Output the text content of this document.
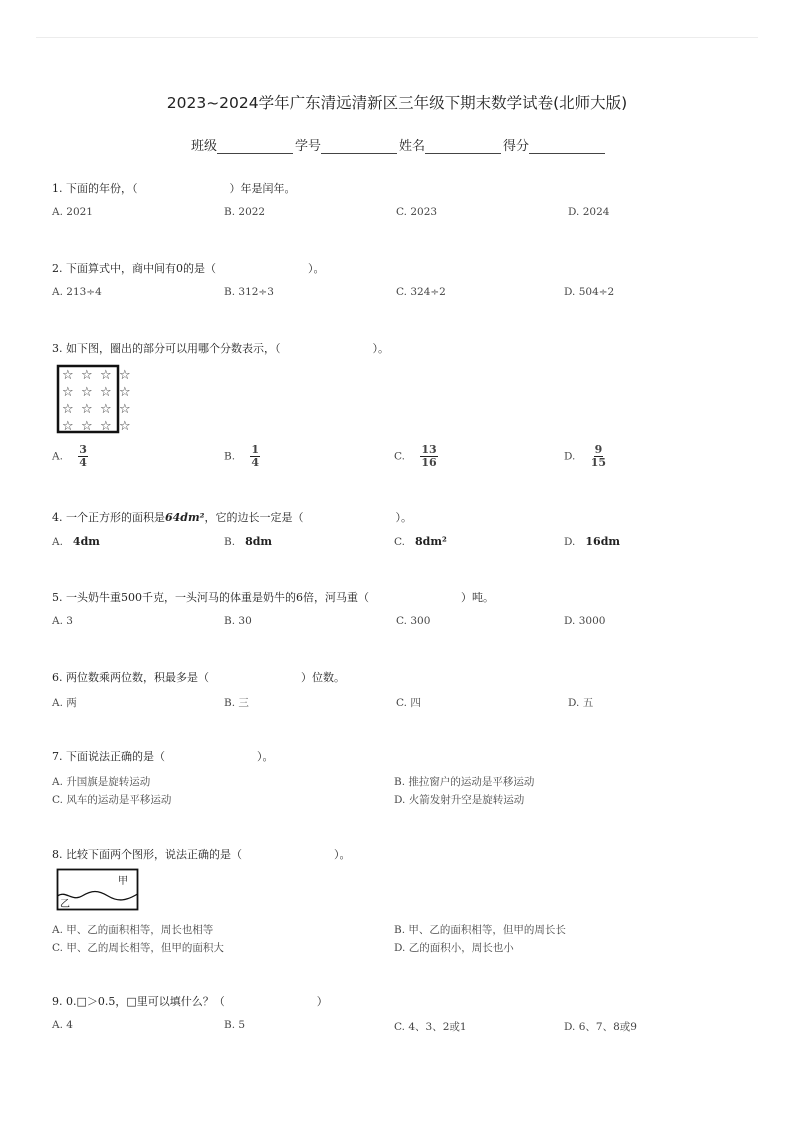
2023~2024学年广东清远清新区三年级下期末数学试卷(北师大版)
班级	学号	姓名	得分
1. 下面的年份，（	）年是闰年。
A. 2021	B. 2022	C. 2023	D. 2024
2. 下面算式中，商中间有0的是（	）。
A. 213÷4	B. 312÷3	C. 324÷2	D. 504÷2
3. 如下图，圈出的部分可以用哪个分数表示，（	）。
☆ ☆ ☆ ☆
☆ ☆ ☆ ☆
☆ ☆ ☆ ☆
☆ ☆ ☆ ☆
A. $\frac{3}{4}$	B. $\frac{1}{4}$	C. $\frac{13}{16}$	D. $\frac{9}{15}$
4. 一个正方形的面积是64dm²，它的边长一定是（	）。
A. 4dm	B. 8dm	C. 8dm²	D. 16dm
5. 一头奶牛重500千克，一头河马的体重是奶牛的6倍，河马重（	）吨。
A. 3	B. 30	C. 300	D. 3000
6. 两位数乘两位数，积最多是（	）位数。
A. 两	B. 三	C. 四	D. 五
7. 下面说法正确的是（	）。
A. 升国旗是旋转运动	B. 推拉窗户的运动是平移运动
C. 风车的运动是平移运动	D. 火箭发射升空是旋转运动
8. 比较下面两个图形，说法正确的是（	）。
甲
乙
A. 甲、乙的面积相等，周长也相等	B. 甲、乙的面积相等，但甲的周长长
C. 甲、乙的周长相等，但甲的面积大	D. 乙的面积小，周长也小
9. 0.□＞0.5，□里可以填什么？（	）
A. 4	B. 5	C. 4、3、2或1	D. 6、7、8或9
